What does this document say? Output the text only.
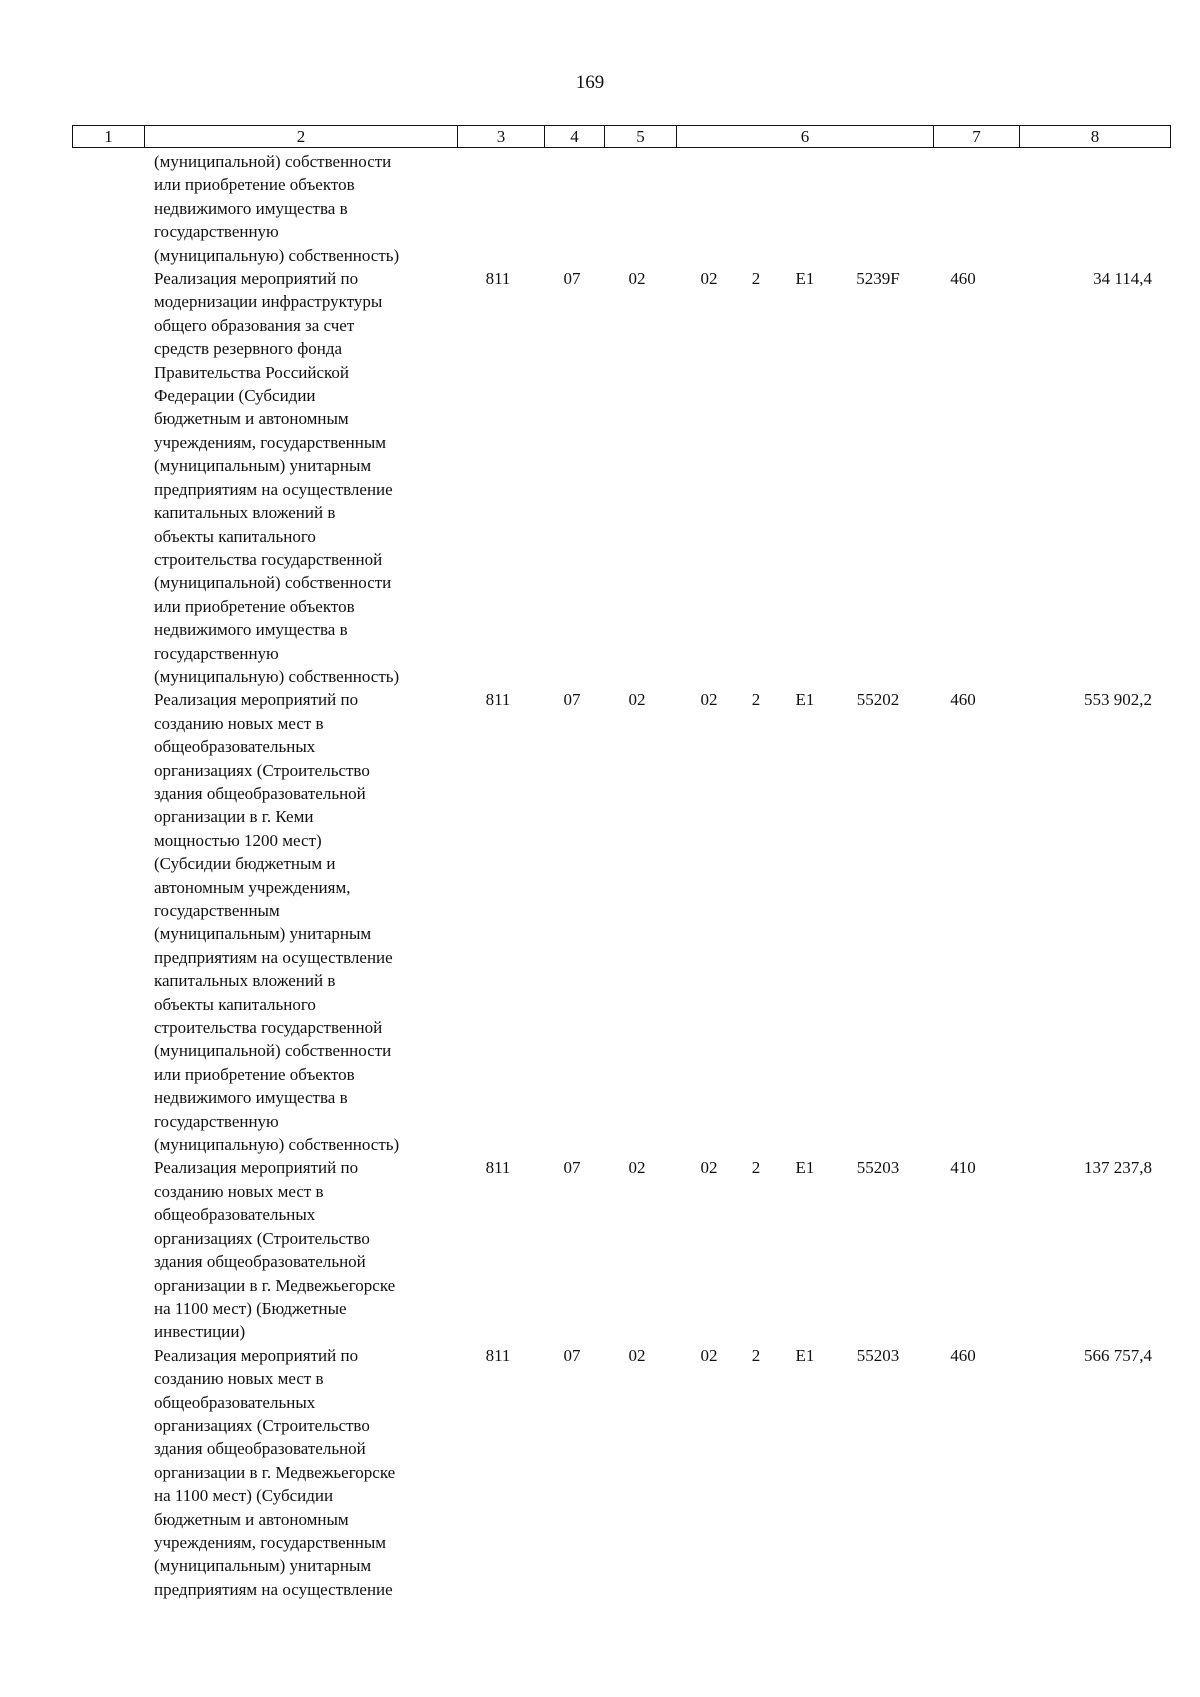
169
1	2	3	4	5	6	7	8
(муниципальной) собственности
или приобретение объектов
недвижимого имущества в
государственную
(муниципальную) собственность)
Реализация мероприятий по
модернизации инфраструктуры
общего образования за счет
средств резервного фонда
Правительства Российской
Федерации (Субсидии
бюджетным и автономным
учреждениям, государственным
(муниципальным) унитарным
предприятиям на осуществление
капитальных вложений в
объекты капитального
строительства государственной
(муниципальной) собственности
или приобретение объектов
недвижимого имущества в
государственную
(муниципальную) собственность)
811	07	02	02	2	E1	5239F	460	34 114,4
Реализация мероприятий по
созданию новых мест в
общеобразовательных
организациях (Строительство
здания общеобразовательной
организации в г. Кеми
мощностью 1200 мест)
(Субсидии бюджетным и
автономным учреждениям,
государственным
(муниципальным) унитарным
предприятиям на осуществление
капитальных вложений в
объекты капитального
строительства государственной
(муниципальной) собственности
или приобретение объектов
недвижимого имущества в
государственную
(муниципальную) собственность)
811	07	02	02	2	E1	55202	460	553 902,2
Реализация мероприятий по
созданию новых мест в
общеобразовательных
организациях (Строительство
здания общеобразовательной
организации в г. Медвежьегорске
на 1100 мест) (Бюджетные
инвестиции)
811	07	02	02	2	E1	55203	410	137 237,8
Реализация мероприятий по
созданию новых мест в
общеобразовательных
организациях (Строительство
здания общеобразовательной
организации в г. Медвежьегорске
на 1100 мест) (Субсидии
бюджетным и автономным
учреждениям, государственным
(муниципальным) унитарным
предприятиям на осуществление
811	07	02	02	2	E1	55203	460	566 757,4
